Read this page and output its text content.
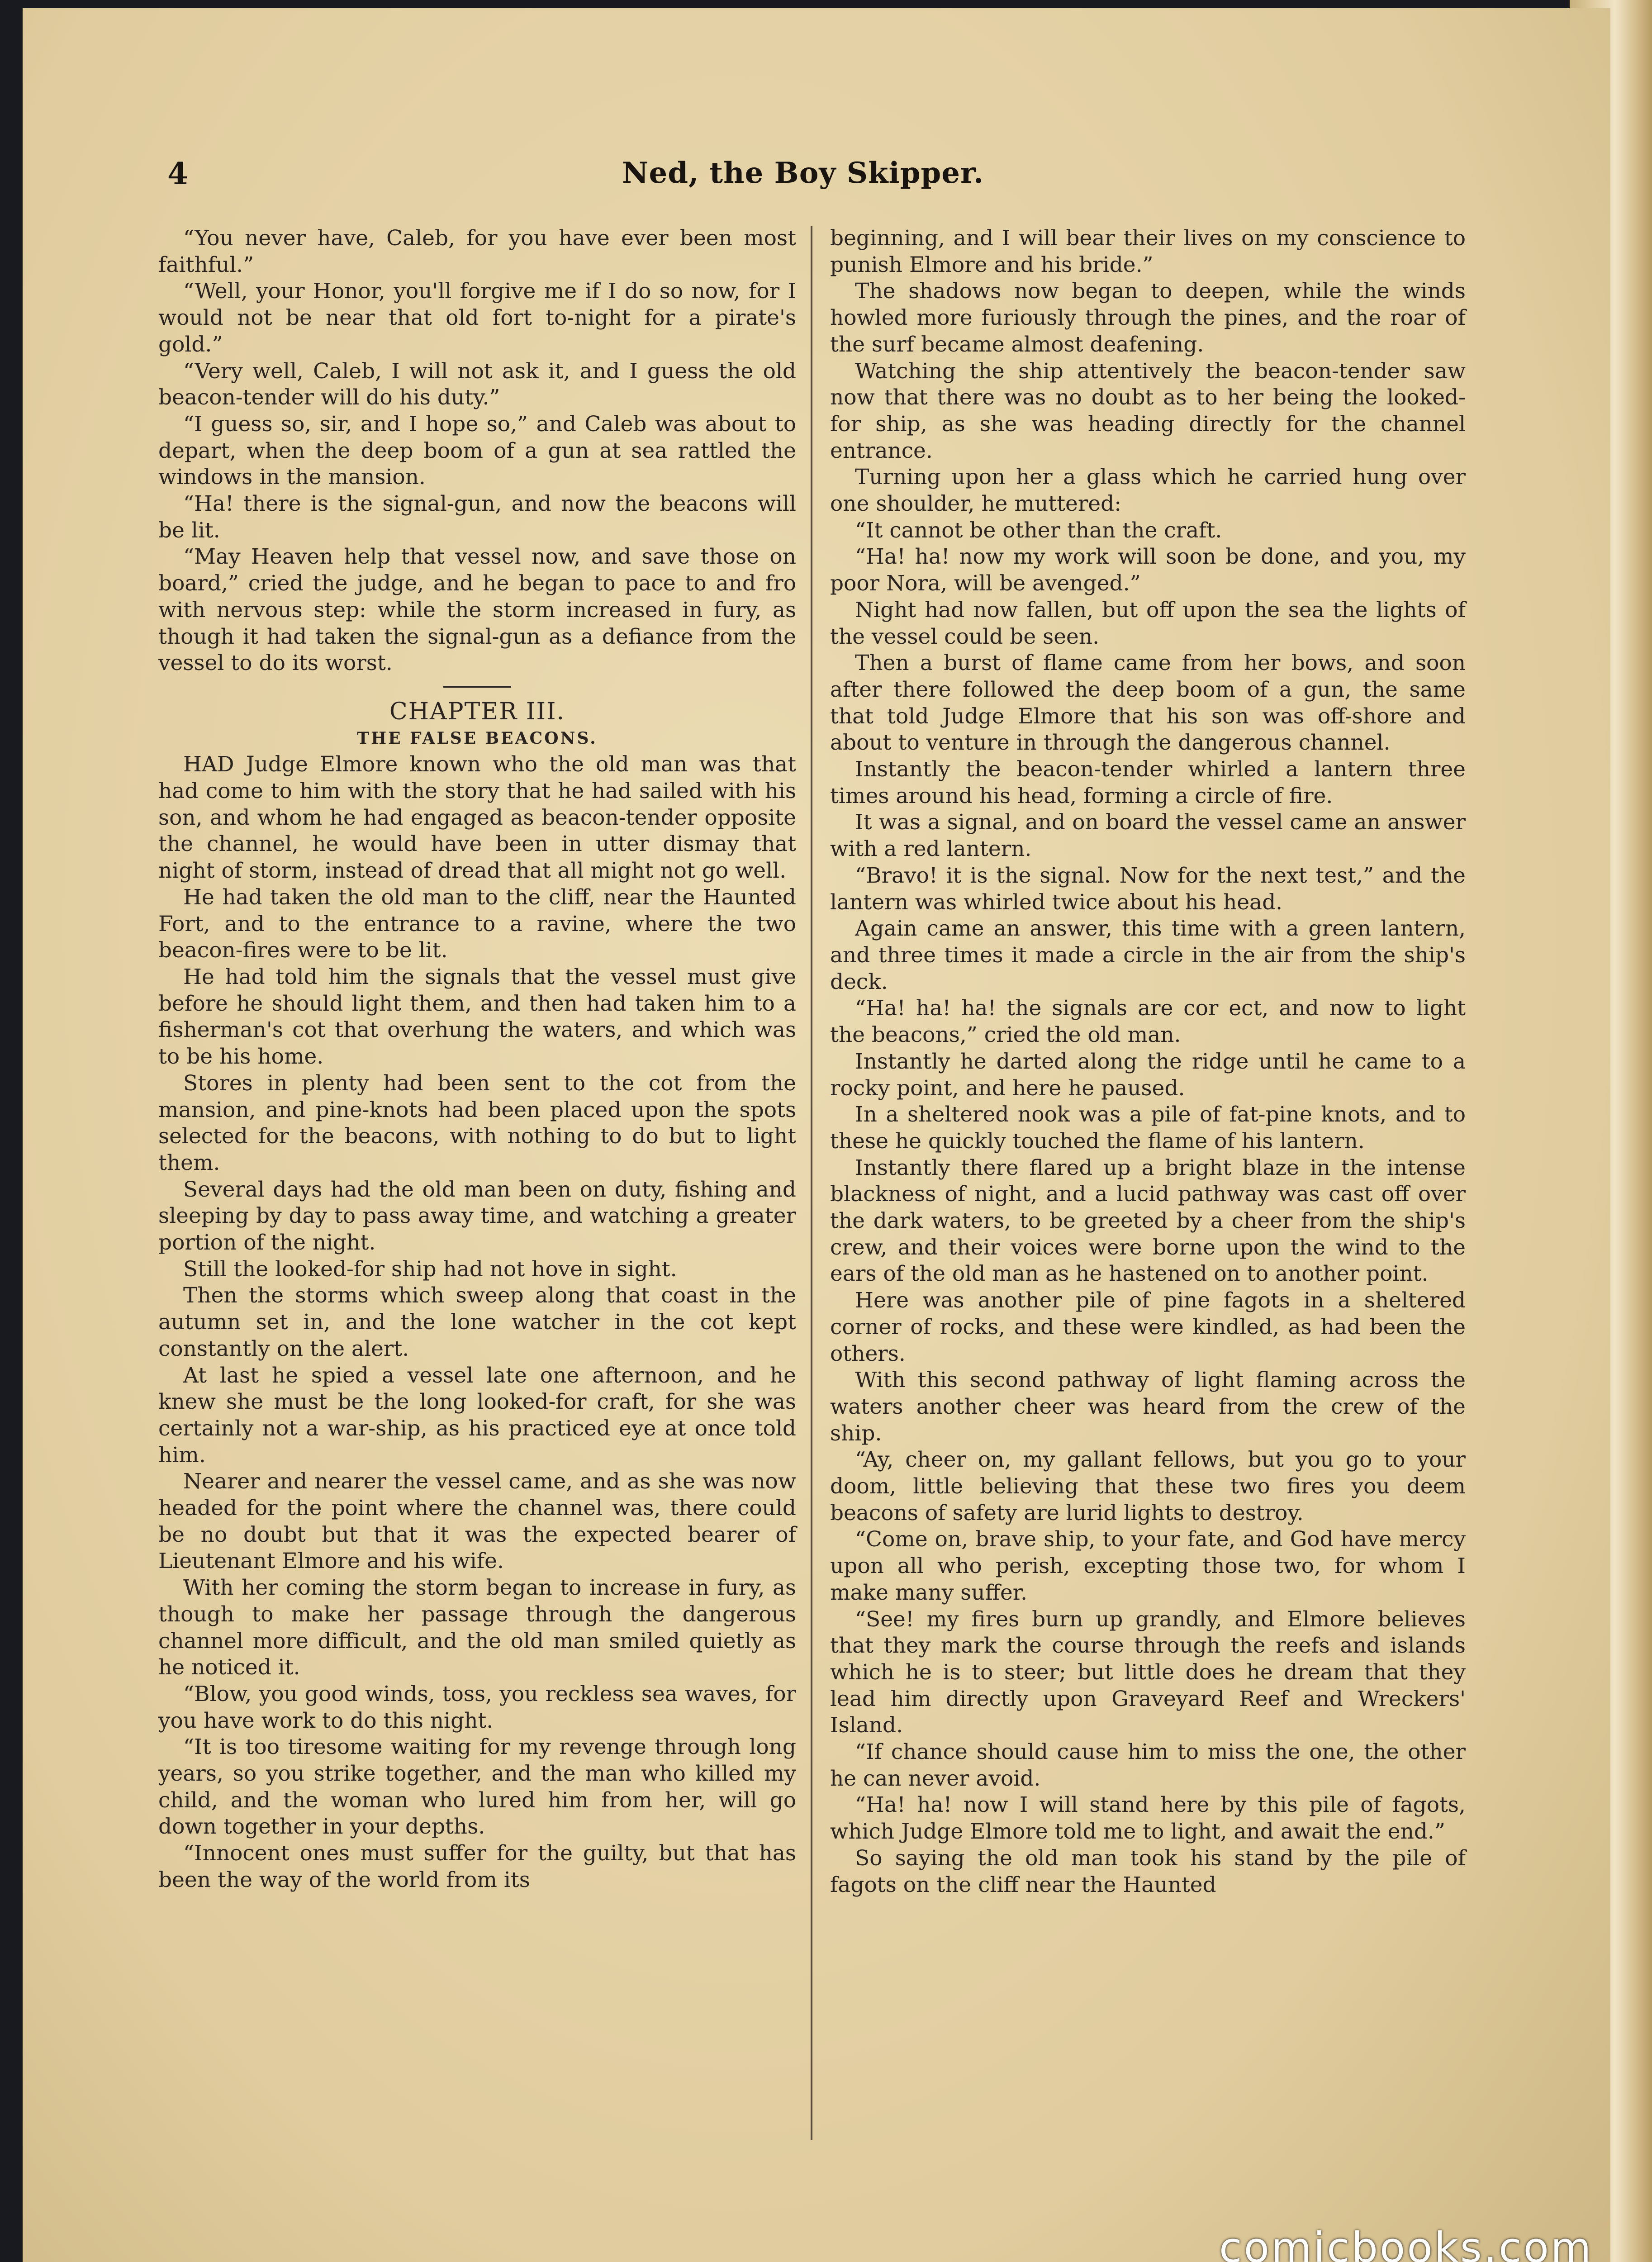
4	Ned, the Boy Skipper.

“You never have, Caleb, for you have ever been most faithful.”

“Well, your Honor, you'll forgive me if I do so now, for I would not be near that old fort to-night for a pirate's gold.”

“Very well, Caleb, I will not ask it, and I guess the old beacon-tender will do his duty.”

“I guess so, sir, and I hope so,” and Caleb was about to depart, when the deep boom of a gun at sea rattled the windows in the mansion.

“Ha! there is the signal-gun, and now the beacons will be lit.

“May Heaven help that vessel now, and save those on board,” cried the judge, and he began to pace to and fro with nervous step: while the storm increased in fury, as though it had taken the signal-gun as a defiance from the vessel to do its worst.

CHAPTER III.

THE FALSE BEACONS.

HAD Judge Elmore known who the old man was that had come to him with the story that he had sailed with his son, and whom he had engaged as beacon-tender opposite the channel, he would have been in utter dismay that night of storm, instead of dread that all might not go well.

He had taken the old man to the cliff, near the Haunted Fort, and to the entrance to a ravine, where the two beacon-fires were to be lit.

He had told him the signals that the vessel must give before he should light them, and then had taken him to a fisherman's cot that overhung the waters, and which was to be his home.

Stores in plenty had been sent to the cot from the mansion, and pine-knots had been placed upon the spots selected for the beacons, with nothing to do but to light them.

Several days had the old man been on duty, fishing and sleeping by day to pass away time, and watching a greater portion of the night.

Still the looked-for ship had not hove in sight.

Then the storms which sweep along that coast in the autumn set in, and the lone watcher in the cot kept constantly on the alert.

At last he spied a vessel late one afternoon, and he knew she must be the long looked-for craft, for she was certainly not a war-ship, as his practiced eye at once told him.

Nearer and nearer the vessel came, and as she was now headed for the point where the channel was, there could be no doubt but that it was the expected bearer of Lieutenant Elmore and his wife.

With her coming the storm began to increase in fury, as though to make her passage through the dangerous channel more difficult, and the old man smiled quietly as he noticed it.

“Blow, you good winds, toss, you reckless sea waves, for you have work to do this night.

“It is too tiresome waiting for my revenge through long years, so you strike together, and the man who killed my child, and the woman who lured him from her, will go down together in your depths.

“Innocent ones must suffer for the guilty, but that has been the way of the world from its

beginning, and I will bear their lives on my conscience to punish Elmore and his bride.”

The shadows now began to deepen, while the winds howled more furiously through the pines, and the roar of the surf became almost deafening.

Watching the ship attentively the beacon-tender saw now that there was no doubt as to her being the looked-for ship, as she was heading directly for the channel entrance.

Turning upon her a glass which he carried hung over one shoulder, he muttered:

“It cannot be other than the craft.

“Ha! ha! now my work will soon be done, and you, my poor Nora, will be avenged.”

Night had now fallen, but off upon the sea the lights of the vessel could be seen.

Then a burst of flame came from her bows, and soon after there followed the deep boom of a gun, the same that told Judge Elmore that his son was off-shore and about to venture in through the dangerous channel.

Instantly the beacon-tender whirled a lantern three times around his head, forming a circle of fire.

It was a signal, and on board the vessel came an answer with a red lantern.

“Bravo! it is the signal. Now for the next test,” and the lantern was whirled twice about his head.

Again came an answer, this time with a green lantern, and three times it made a circle in the air from the ship's deck.

“Ha! ha! ha! the signals are cor ect, and now to light the beacons,” cried the old man.

Instantly he darted along the ridge until he came to a rocky point, and here he paused.

In a sheltered nook was a pile of fat-pine knots, and to these he quickly touched the flame of his lantern.

Instantly there flared up a bright blaze in the intense blackness of night, and a lucid pathway was cast off over the dark waters, to be greeted by a cheer from the ship's crew, and their voices were borne upon the wind to the ears of the old man as he hastened on to another point.

Here was another pile of pine fagots in a sheltered corner of rocks, and these were kindled, as had been the others.

With this second pathway of light flaming across the waters another cheer was heard from the crew of the ship.

“Ay, cheer on, my gallant fellows, but you go to your doom, little believing that these two fires you deem beacons of safety are lurid lights to destroy.

“Come on, brave ship, to your fate, and God have mercy upon all who perish, excepting those two, for whom I make many suffer.

“See! my fires burn up grandly, and Elmore believes that they mark the course through the reefs and islands which he is to steer; but little does he dream that they lead him directly upon Graveyard Reef and Wreckers' Island.

“If chance should cause him to miss the one, the other he can never avoid.

“Ha! ha! now I will stand here by this pile of fagots, which Judge Elmore told me to light, and await the end.”

So saying the old man took his stand by the pile of fagots on the cliff near the Haunted

comicbooks.com
